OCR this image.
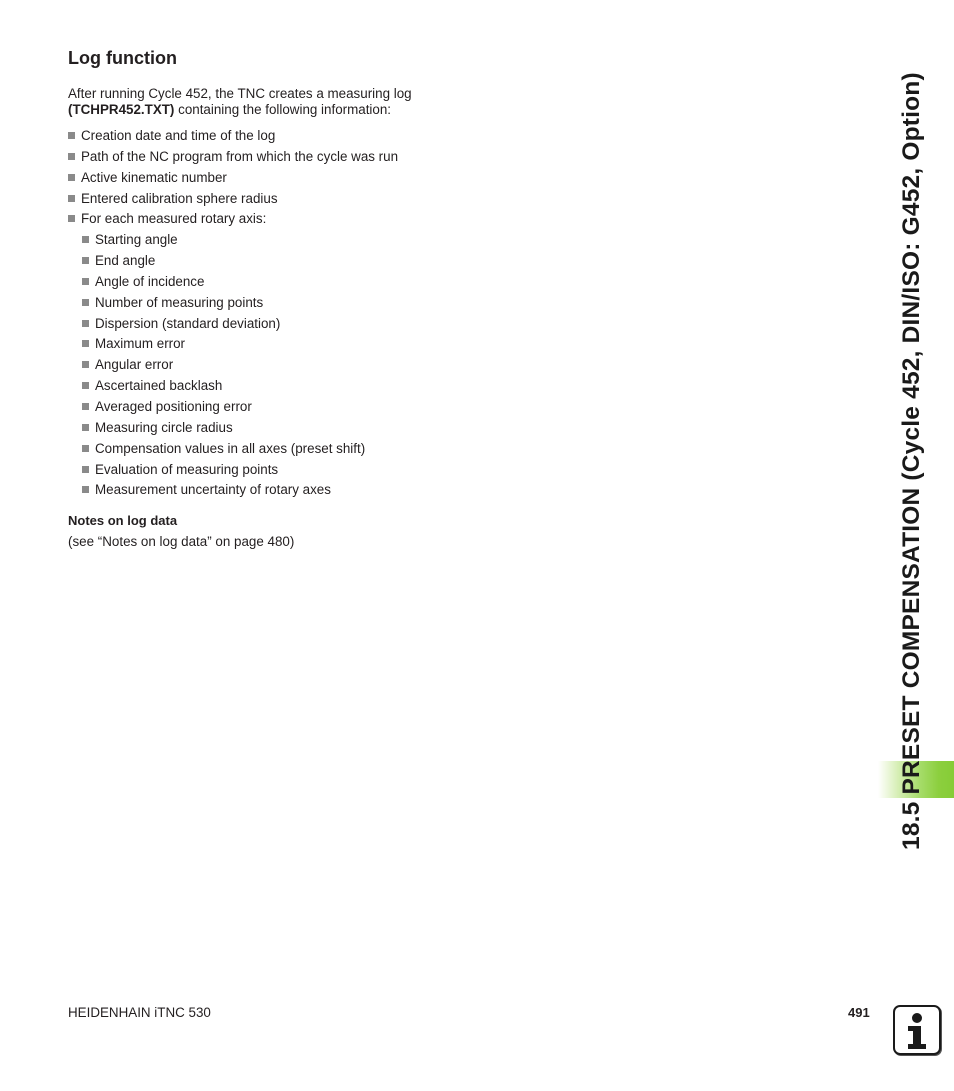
Log function

After running Cycle 452, the TNC creates a measuring log (TCHPR452.TXT) containing the following information:

Creation date and time of the log
Path of the NC program from which the cycle was run
Active kinematic number
Entered calibration sphere radius
For each measured rotary axis:
Starting angle
End angle
Angle of incidence
Number of measuring points
Dispersion (standard deviation)
Maximum error
Angular error
Ascertained backlash
Averaged positioning error
Measuring circle radius
Compensation values in all axes (preset shift)
Evaluation of measuring points
Measurement uncertainty of rotary axes
Notes on log data

(see “Notes on log data” on page 480)

HEIDENHAIN iTNC 530	491
18.5 PRESET COMPENSATION (Cycle 452, DIN/ISO: G452, Option)
